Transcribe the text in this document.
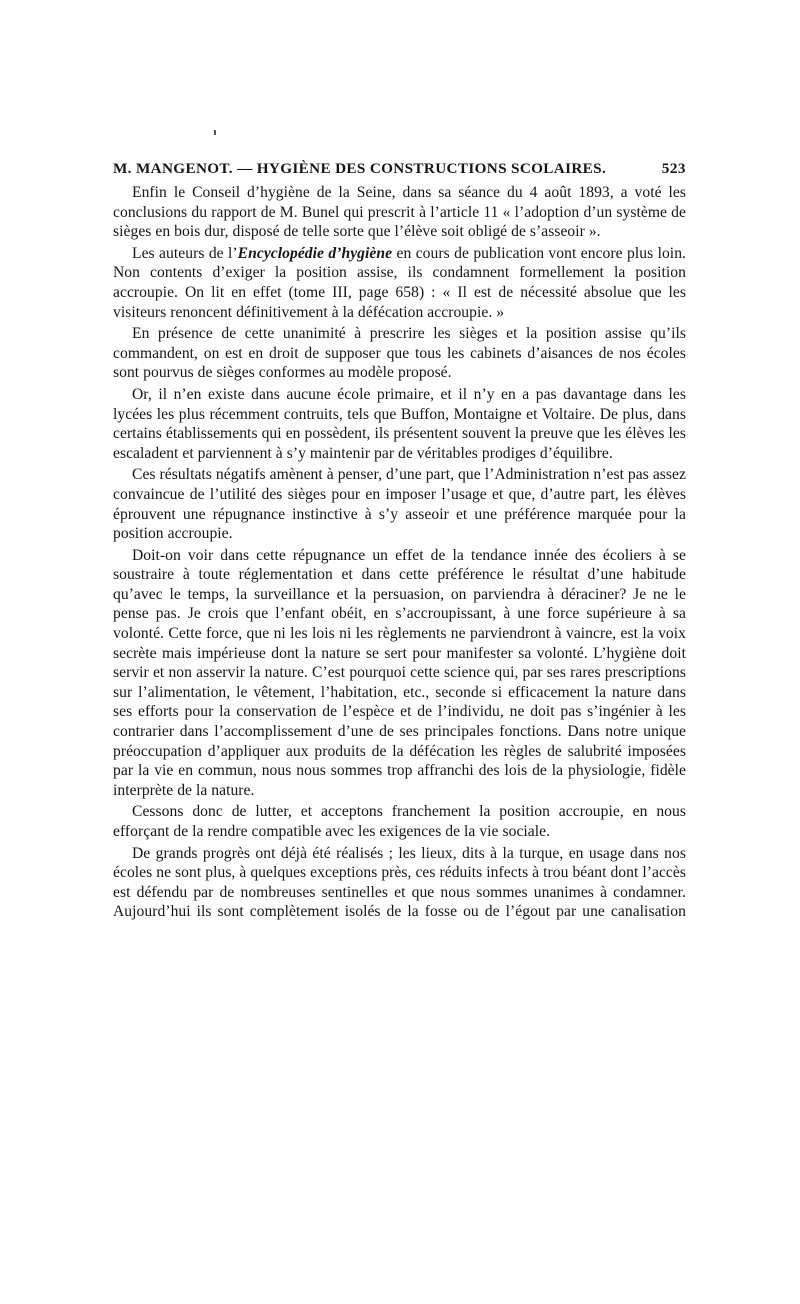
M. MANGENOT. — HYGIÈNE DES CONSTRUCTIONS SCOLAIRES.	523

Enfin le Conseil d’hygiène de la Seine, dans sa séance du 4 août 1893, a voté les conclusions du rapport de M. Bunel qui prescrit à l’article 11 « l’adoption d’un système de sièges en bois dur, disposé de telle sorte que l’élève soit obligé de s’asseoir ».

Les auteurs de l’Encyclopédie d’hygiène en cours de publication vont encore plus loin. Non contents d’exiger la position assise, ils condamnent formellement la position accroupie. On lit en effet (tome III, page 658) : « Il est de nécessité absolue que les visiteurs renoncent définitivement à la défécation accroupie. »

En présence de cette unanimité à prescrire les sièges et la position assise qu’ils commandent, on est en droit de supposer que tous les cabinets d’aisances de nos écoles sont pourvus de sièges conformes au modèle proposé.

Or, il n’en existe dans aucune école primaire, et il n’y en a pas davantage dans les lycées les plus récemment contruits, tels que Buffon, Montaigne et Voltaire. De plus, dans certains établissements qui en possèdent, ils présentent souvent la preuve que les élèves les escaladent et parviennent à s’y maintenir par de véritables prodiges d’équilibre.

Ces résultats négatifs amènent à penser, d’une part, que l’Administration n’est pas assez convaincue de l’utilité des sièges pour en imposer l’usage et que, d’autre part, les élèves éprouvent une répugnance instinctive à s’y asseoir et une préférence marquée pour la position accroupie.

Doit-on voir dans cette répugnance un effet de la tendance innée des écoliers à se soustraire à toute réglementation et dans cette préférence le résultat d’une habitude qu’avec le temps, la surveillance et la persuasion, on parviendra à déraciner? Je ne le pense pas. Je crois que l’enfant obéit, en s’accroupissant, à une force supérieure à sa volonté. Cette force, que ni les lois ni les règlements ne parviendront à vaincre, est la voix secrète mais impérieuse dont la nature se sert pour manifester sa volonté. L’hygiène doit servir et non asservir la nature. C’est pourquoi cette science qui, par ses rares prescriptions sur l’alimentation, le vêtement, l’habitation, etc., seconde si efficacement la nature dans ses efforts pour la conservation de l’espèce et de l’individu, ne doit pas s’ingénier à les contrarier dans l’accomplissement d’une de ses principales fonctions. Dans notre unique préoccupation d’appliquer aux produits de la défécation les règles de salubrité imposées par la vie en commun, nous nous sommes trop affranchi des lois de la physiologie, fidèle interprète de la nature.

Cessons donc de lutter, et acceptons franchement la position accroupie, en nous efforçant de la rendre compatible avec les exigences de la vie sociale.

De grands progrès ont déjà été réalisés ; les lieux, dits à la turque, en usage dans nos écoles ne sont plus, à quelques exceptions près, ces réduits infects à trou béant dont l’accès est défendu par de nombreuses sentinelles et que nous sommes unanimes à condamner. Aujourd’hui ils sont complètement isolés de la fosse ou de l’égout par une canalisation
